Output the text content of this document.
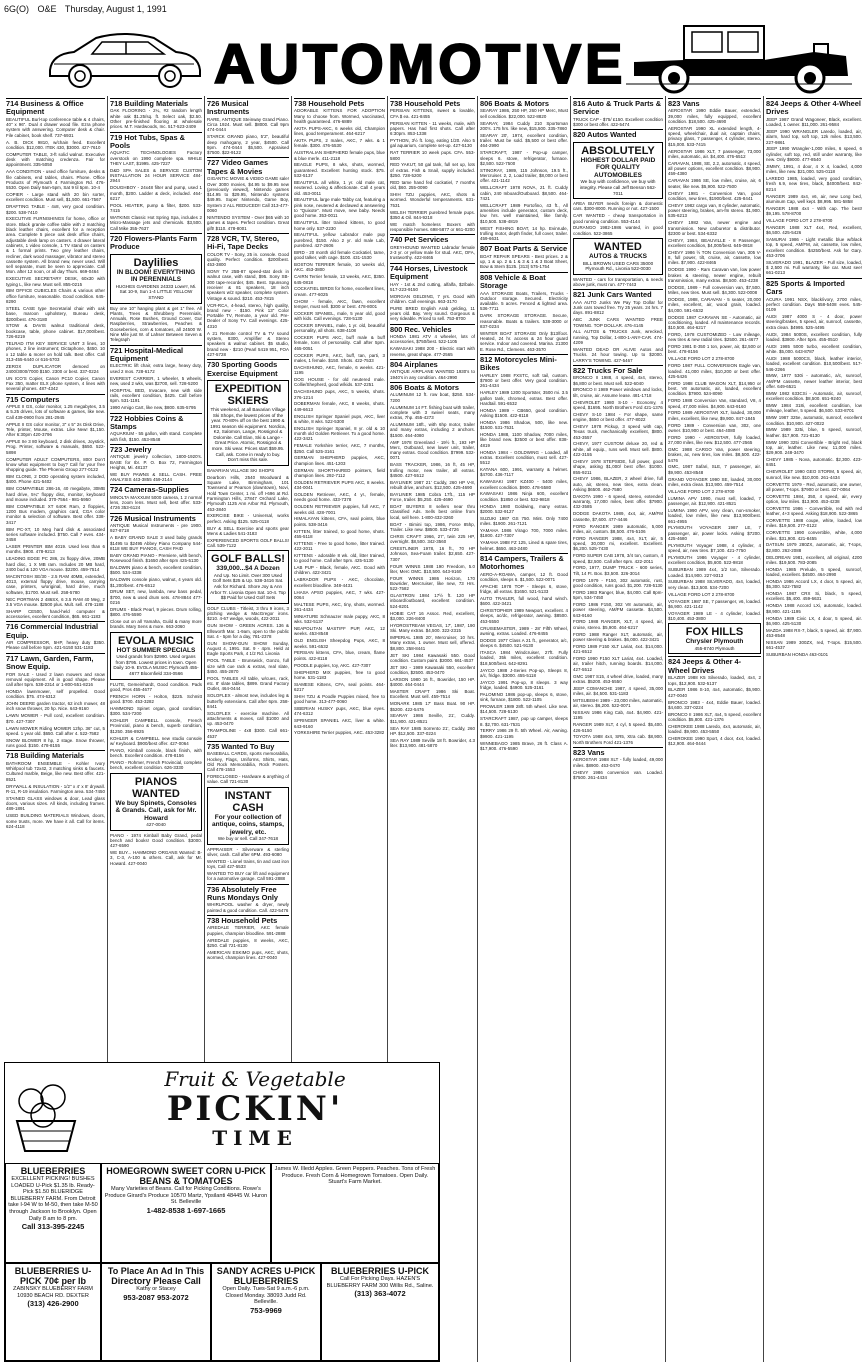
6G(O) O&E Thursday, August 1, 1991
AUTOMOTIVE
714 Business & Office Equipment
BEAUTIFUL Burl-top conference table & 4 chairs, 40" x 96". Dual 4 drawer wood file. Ezra phone system with answering. Computer desk & chair. File cabinet, book shelf. 737-6931
A. B. DICK 9810, w/chain feed. Excellent condition. $12,000. ITEK 430, $3000. 427-7610
COMPUTER TABLE, 3-ft solid walnut. Executive desk with matching credenza. Fair for appointment. 335-5050
AAA CONDITION - used office furniture, desks & file cabinets, end tables, chairs. Phone. Office Products of Plymouth 4 Farmington Rd. 476-5530. Open Daily 9am-5pm, Sat 9 til 5pm. 10-4
COPIER - Large stand with 20 bin sorter, excellent condition. Must sell, $1,500. 661-7567
DRAFTING TABLE - 4x8, very good condition. $200. 538-7410
EXECUTIVE FURNISHINGS for home, office or store. Black granite coffee table with 2 matching black leather chairs, excellent for a reception area. Complete 5 piece oak desk office chairs, adjustable desk lamp on casters. 4 drawer lateral cabinets, 1 video console, 1 TV stand on casters & 1 formal prints. Two grey leather chairs, recliner, dark wood massager, vibrator and stereo cassette system. All brand new, never used. Will sell separate, must be seen to appreciate. Call Mon. after 12 noon, or all day Thurs. 669-0464
EXECUTIVE SECRETARY DESK, 60x30 with typing L, like new. Must sell. 855-0215
IBM OFFICE CUBICLES Chairs & various other office furniture, reasonable. Good condition. 645-8290
STEEL CASE type Secretarial chair with oak base, maroon upholstery, Bureau desk, $200/best. 476-3180
STOW & DAVIS walnut traditional desk, bookcase, table, phone cabinet. $17,000/best. 726-8219
TELRAD ITM KEY SERVICE UNIT 3 lines, 10 phones, 2 line instrument; Dictaphone, $450. 10 x 12 table & more! on hold talk. Best offer. Call 313-455-6440 or 616-5703
ZEROX DUPLICATOR demoed on 2400/3000/7000 $150. 2300 or best. 337-0224
UN ICO'S Copier, Canon PC10 Copier, Canon Fax 350, matter ELX phone system, 4 lines with several phones. 487-4342
715 Computers
APPLE II GS, color monitor, 1.25 megabytes, 3.5 & 5.25 drives, lots of software & games, like new. Call 439-0900 from 281-2945
APPLE II GS color monitor, 3" x 5" 2s Disk Drive, Tele, printer, Mouse, extras. Like New! $1,150. After 6:30pm 420-3796
APPLE IIe 3 80 keyboard, 2 disk drives, Joystick, Prog. Printer, software & manuals, $650. 522-5898
COMPUTER ADULT COMPUTERS, 800! Don't know what equipment to buy? Call for your free shopping guide. The Phoenix Group 277-0122
IBM CLONE, 2 DOD operating system included, $400. Phone 421-5402
IBM COMPATIBLE 286-16, 40 megabyte, 30MB hard drive, 5¼" floppy disc, monitor, keyboard and mouse included. 370-7564 - 981-5950
IBM COMPATIBLE XT 640K Ram, 2 floppies, 1200 Bus modem, graphics card, CGA color monitor & selection of software. Best offer. 338-3417
IBM PC-XT, 10 Meg hard disk & associated series software included. $750. Call 7 eves. 434-3458
LASER PRINTER IBM 4019. Used less than 6 months. $900. 478-9213
LEADING EDGE PC 286, 2x floppy drive, 20MB hard disc, 1 X MB ram. Includes 20 MB hard, 2400 bud & 120 VGA mouse. $2200. 459-7514
MACINTOSH SE/30 - 2.5 RAM 40MB, extended, 4013, external floppy drive, mouse, carrying case, printers, w/original, hard drive, much software, $1700. Must sell. 258-5780
NEC PORTMAN 2 486SX, 6 3.5 RAM 40 Meg, 2 3.5 VGA mouse. $2500 plus. Mult. sell. 478-1188
SHARP CE500, hand-held computer & accessories, excellent condition, $65. 661-1183
716 Commercial Industrial Equip.
AIR COMPRESSOR, 5HP, heavy duty $350. Please call before 5pm. 421-5150 531-1183
717 Lawn, Garden, Farm, Snow Equip.
FOR SALE - Used 2 lawn mowers and snow removal equipment. All in good shape. Please call after 5pm. 538-2314 or 1-800-551-8216
HONDA lawnmower, self propelled. Good condition. $75. 474-6312
JOHN DEERE garden tractor, 62 inch mower, 48 inch snow thrower, 20 hp. Nice. 643-9160
LAWN MOWER - Pull cord, excellent condition. $70. 427-7307
LAWN MOWER Riding MOWER 12hp. 36" cut, 5 speed. 1 year old. $650. Call after 4. 522-7582
SNOW BLOWER 8 hp, 2 stage. Snow thrower, runs good. $150. 478-8155
718 Building Materials
BATHROOM ENSEMBLE - Kohler Ivory Whirlpool tub 72x42, 3 matching sinks & faucets. Cultured marble, Beige, like new. Best offer. 421-8521
DRYWALL & INSULATION - 1/2" x 4' x 8' drywall. R-11, R-19 insulation. Farmington area. 534-7450
STAINED GLASS windows & door, Lead glass doors, various sizes. All kinds, including frames. 489-1891
USED BUILDING MATERIALS Windows, doors, some trusts, more. We have it all. Call for items. 624-4118
718 Building Materials
OAK FLOORING - 2¼, #2 random length white oak $1.25/sq. ft. Select oak, $2.50. Other pre-finished flooring at wholesale prices. M.T. Hardwoods, Inc. 517-523-2409
719 Hot Tubs, Spas & Pools
AQUATIC TECHNOLOGIES Factory overstock on 1990 complete spa. WHILE THEY LAST, $1995. 425-7227
D&D SPA SALES & SERVICE CUSTOM INSTALLATION 24 HOUR SERVICE 484-2944
DOUGHBOY - 24x48 filter and pump, used 1 month, $200. Ladder & deck, included. 464-6217
POOL HEATER, pump & filter, $200. 533-7415
WATKINS Classic Hot Spring Spa, includes 2 Micro-Massage jets and chemicals. $3,500. Call Mike 355-7637
720 Flowers-Plants Farm Produce
Daylilies
IN BLOOM! EVERYTHING IN PERENNIALS
HUGHES GARDENS 24333 Lowe'r, Mi. Sat 10-9, Sun 1-4 LITTLE YELLOW STAND
Buy one 10" hanging plant & get 1" free. All Plants, Trees & Shrubbery Perennials, Annuals, Rose Bushes, Ground Cover, Gur Raspberries, Strawberries, Peaches & Gooseberries, corn & tomatoes, all 24500 W. Nine Mile just W. of Lahser Between Seven & Telegraph
721 Hospital-Medical Equipment
ELECTRIC lift chair, extra large, heavy duty, used 2 mos. 728-6172
EVEREST CARRIER, 1 wheeler, 5 wheels, new, used 2 wks, was $2700, sell. 728-5200
HOSPITAL BED, Invacare, new with side rails, excellent condition, $425. Call before 6pm. 531-1191
1990 Amigo Cart, like new, $800. 635-5795
722 Hobbies Coins & Stamps
AQUARIUM - 55 gallon, with stand. Complete with fish, $150. 453-8548
723 Jewelry
ANTIQUE jewelry collection, 1800-1920's. BASE for Ibr. P. O. Box 72, Farmington Heights, Mi. 48137
WE BUY PAWNS & SELL CASH. FREE ANALYSIS 443-3855 459-2144
724 Cameras-Supplies
MINOLTA MAXXUM 5000 camera, 1 2 normal lens, zoom lens. Must sell, best offer. 533-4726 353-6124
726 Musical Instruments
ANTIQUE Musical Instruments - pre 1900. 927-8718
A BABY GRAND SALE 3 used baby grands $1495 to $2495 Abbey Piano Company 544-8118 WE BUY PIANOS, CASH PAID
BABY GRAND PIANO - Premiere, with bench, Rosewood finish. $1650 after 6pm 425-5130
BALDWIN piano & bench, excellent condition, $500. 534-4338
BALDWIN console piano, walnut, 4 years old. $1,200/best. 476-6512
DRUM SET, new, lambda, new bass pedal, $700, new & used drum sets. 478-8844 477-0216
DRUMS - Black Pearl, 9 pieces. Drum rolling, $800. 476-5590
Close out on all Yamaha, Guild & many more brands. Mary Sens & more. 663-2060
EVOLA MUSIC
HOT SUMMER SPECIALS
Used grands from $2990. Used organs from $795. Lowest prices in town. Open Daily 10-9. EVOLA MUSIC Plymouth 455-4677 Bloomfield 334-0566
FLUTE, Gemeinhardt, Good condition. Pads good, Pros 455-4677
FRENCH HORN - Holton, $225. Schmitt good. $700. 453-3282
HAMMOND Spinet organ, good condition, $300. 534-7200
KOHLER CAMPBELL console, French Provincial, piano & bench, superb condition, $1250. 356-8925
KOHLER & CAMPBELL new studio console w/ Keyboard. $900/best offer. 427-0064
PIANO, Kimball console, black finish, with bench. Excellent condition. 478-8156
PIANO - Rohmer, French Provincial, complete bench, excellent condition. 626-3330
PIANOS WANTED
We buy Spinets, Consoles & Grands. Call, ask for Mr. Howard
427-0040
PIANO - 1974 Kimball Baby Grand, pedal bench and books! Good condition. $3000. 427-6590
WE BUY... HAMMOND ORGANS Wanted: B-3, C-3, A-100 & others. Call, ask for Mr. Howard. 427-0040
726 Musical Instruments
RARE, ANTIQUE Steinway Grand Piano. Circa 1924. Must sell. $8000. Call 9pm 474-0444
STARCK GRAND piano, 5'2", beautiful deep mahogany, 2 year, $4500. Call 9pm. 474-0444 $5,500. Appraised $7500. $22-9122
727 Video Games Tapes & Movies
GIGANTIC MOVIE & VIDEO GAME sale! Over 3000 movies, $4.95 to $9.95 new (previously viewed), Nintendo games $14.95 to $29.95, Nintendo systems $49.95. Super Nintendo, Game Boy, System 2 ALL REDUCED!! Call 313-477-0060
NINTENDO SYSTEM - Over $65 with 10 games & tapes. Perfect condition. Great gift! $110. 478-8001
728 VCR, TV, Stereo, Hi-Fi, Tape Decks
COLOR TV - Sony, 25 in. console. Good quality. Perfect condition. $200/best. 453-3800
SONY TV 25B-87 speed-stat deck in walnut case, with stand, $95. Sony SB-300 tape-recorder, $45. Best. Spunsong receiver & 81 speakers, 18 inch speakers w/2 speaker, complete system. Vintage & sound. $210. 453-7815
VCR-RCA, 4-head, stereo, high quality, brand new - $150. Pink 13" Color Portable TV, Remote, a year old. Pre-Dealer of Sony TV. Call evenings. 425-4310
A 21 Remote control TV & TV sound system, 8300, Amplifier & Stereo speakers & walnut cabinet. $5 studio, brand new - $210 (Pearl 5419 951, FOA 427-5728
730 Sporting Goods Exercise Equipment
EXPEDITION SKIERS
This weekend, at all Bavarian Village Ski Shops, the lowest prices of the year. 70-80% off on the best 1990 & 1991 season ski equipment. Nordica, K2, Salomon, Lange, Rossignol & Dolomite. Call Elan, Ski & Lange - Great Price. Atomic, Rossignol & more. Ski wear. Prices start $59.95. Call, ask. Come in ready to buy. Don't miss this sale.
BAVARIAN VILLAGE SKI SHOPS
Dearborn Hills, 2540 Woodward & Square Lake, Birmingham, 101 Townsend or Pearson (downtown), Novi, Hold Town Center, 1 mi. off I-696 at Rd. Farmington Hills, 27847 Orchard Lake, Plymouth 1125 Ann Arbor Rd. Plymouth, 453-3840
EXERCISE BIKE - Universal, works perfect. Asking $125. 525-0118
BUY & SELL Exercise and sports gear Mens & Ladies 541-3183
EXPERIENCED SPORTS GOLF BALLS! Call. 539-7122
GOLF BALLS!
339,000...$4 A Dozen
And Up. No Limit. Over 300 Used Golf Sets $25 & Up. 538-3416 Sat. Ask for Richard. Shore Joy & Ann Arbor Tr. Livonia Open Sat. 10-4. Top $$ Paid for Used Golf Sets
GOLF CLUBS - Titleist, 3 thru 9 irons, 3 pitching wedge & MacGregor irons. $210. 4-67 wedge, woods, 422-2011
GUN SHOW - GREEN ACRES. 136 & Ellsworth Mar. 1-9am, open to the public Sat. 4 - 5pm for a day, 781-2378
GUN SHOW-GUN SHOW Sunday, August 4, 1991. Sat. 9 - 4pm. Held at Eagle Sports Park, 4 1/2 Rd. Livonia
POOL TABLE - Brunswick, Gonzo, full size with cue rack & extras, real slate, $450. 455-2870
POOL TABLES All table, w/cues, rack, etc. 8' slate tables, $899. Grand Factory Outlet, 464-0444
SOLOFLEX - almost new, includes leg & butterfly extensions. Call after 6pm. 258-8441
SOLOFLEX - exercise machine. All attachments & moves, call $1000 and up. 453-0470
TRAMPOLINE - 4x8 $300. Call 661-4537
735 Wanted To Buy
BASEBALL CARDS, sports memorabilia, Hockey, Flags, Uniforms, Shirts, Hats, Old Rock Memorabilia, Rock Posters. Call 478-1553
FORECLOSED - Hardware & anything of value. Call 721-8130
INSTANT CASH
For your collection of antique, coins, stamps, jewelry, etc.
We buy or sell. Call 347-7618
APPRAISER - Silverware & sterling silver, cash. Call after 6PM. 493-6080
WANTED - Lionel trains, tin and cast iron toys, Call 427-5533
WANTED TO BUY car lift and equipment for a automotive garage. Call 591-2888
736 Absolutely Free Runs Mondays Only
WHIRLPOOL washer & dryer, newly painted & good condition. Call. 422-5476
738 Household Pets
AIREDALE TERRIER, AKC female puppies, champion bloodline. 591-2888
AIREDALE puppies, 8 weeks, AKC, $250. Call 721-8130
AMERICAN ESKIMO pups, AKC, shots, wormed, champion lines. 427-0040
738 Household Pets
ADORABLE KITTENS FOR ADOPTION Many to choose from. Wormed, vaccinated, health guaranteed. 476-6889
AKITA PUPS-AKC, 6 weeks old, Champion lines, good temperament. 464-6217
AKITA PUPS, 2 males, AKC, 7 wks. & 1 female. $300. 476-5530
AUSTRALIAN SHEPHERD female pups, blue & blue merle. 411-2118
BEAGLE PUPS, 8 wks, shots, wormed, guaranteed. Excellent hunting stock. $75. 532-5137
BEAUTIFUL all white, 1 yr. old male cat, neutered. Loving & affectionate. Call 4 years old. 453-0011
BEAUTIFUL large male Tabby cat, featuring a pink nose, neutered & declawed & answering to "Quixote". Must move, new baby. Needs good home. 353-0011
BEAUTIFUL litter trained kittens, to good home only. 537-2230
BEAUTIFUL yellow Labrador male pup purebred, $150. Also 2 yr. old male Lab, purebred. 427-2606
BIRD - 20 month old female Cockatiel, tame, good talker, with cage. $100. 431-1530
BOSTON TERRIER female, 10 weeks old, AKC. 453-3800
CAIRN Terrier female, 13 weeks, AKC, $350. 645-0818
COCKATIEL BIRDS for home, excellent lines, cream. 477-6025
CHOW - female, AKC, fawn, excellent temper, must sell. $200 or best. 478-8001
COCKER SPANIEL, male, 5 year old, good with kids. Call evenings. 728-5130
COCKER SPANIEL, male, 1 yr. old, beautiful personality, all shots. 638-4108
COCKER PUPS AKC, buff male & buff female, tons of personality. Call after 5pm. 465-0051
COCKER PUPS, AKC, buff, tan, parti, 3 males, 1 female. $150. Shots. 422-7533
DACHSHUND, AKC, female, 6 weeks. 421-1195
DOG HOUSE - for old neutered male. Collie/Shepherd, good w/kids. 537-2251
DACHSHUND pups, AKC, 5 weeks, shots. 276-1214
DOBERMAN female, AKC, 8 weeks, shots. 449-6613
ENGLISH Springer Spaniel pups, AKC, liver & white, 8 wks. 522-5300
ENGLISH Springer Spaniel, 8 yr. old & 10 month old Golden Retriever. To a good home. 422-3421
FEMALE Yorkshire terrier, AKC, 7 months, $250. Call 525-3161
GERMAN SHEPHERD puppies, AKC, champion lines. 451-1203
GERMAN SHORTHAIRED pointers, field champion lines. 292-7112
GOLDEN RETRIEVER PUPS AKC, 8 weeks. 434-0041
GOLDEN Retriever, AKC, 4 yr., female, needs good home. 433-7378
GOLDEN RETRIEVER puppies, full AKC, 7 weeks old. 428-7001
HIMALAYAN kittens, CFA, seal points, blue points. 538-3416
KITTEN, litter trained, to good home, shots. 455-5118
KITTENS - Free to good home, litter trained. 422-2011
KITTENS - adorable 8 wk. old, litter trained, to good home. Call after 5pm. 425-5130
LAB PUP - Black, female, AKC. Good with children. 422-3421
LABRADOR PUPS - AKC, chocolate, excellent bloodline. 348-4431
LHASA APSO puppies, AKC, 7 wks. 427-0064
MALTESE PUPS, AKC, tiny, shots, wormed. 261-4434
MINIATURE Schnauzer male puppy, AKC, 8 wks. 532-5137
NEAPOLITAN MASTIFF PUP, AKC, 12 weeks. 453-8548
OLD ENGLISH Sheepdog Pups, AKC, 8 weeks. 591-6532
PERSIAN kittens, CFA, blue, cream, flame points. 422-8118
POODLE puppies, toy, AKC. 427-7307
SHEPHERD MIX puppies, free to good home. 531-1183
SIAMESE Kittens, CFA, seal points. 464-6217
SHIH TZU & Poodle Puppies mixed, free to good home. 313-477-0060
SIBERIAN HUSKY pups, AKC, blue eyes. 474-6312
SPRINGER SPANIEL AKC, liver & white. 643-9160
YORKSHIRE Terrier puppies, AKC. 453-3282
738 Household Pets
PERSIAN KITTENS, sweet & lovable, CFA $ ea. 421-8455
PERSIAN KITTEN - 11 weeks, male, with papers. Has had first shots. Call after 6:30pm. 853-1338
PYTHON, 3½ ft. long, eating 1/20. Also 5 gal aquarium, complete set-up. 427-5130
RAT TERRIER 10 week pups. CFA. 553-5800
RED YAKUT, 50 gal tank, full set up, lots of extras. Fish & Snail, supply included. $250. 728-5200
RED tame hand fed cockatiel, 7 months old, $60. 255-0090
SHIH TZU puppies, AKC, shots & wormed. Wonderful temperaments. 631-7531
WELSH TERRIER purebred female pups. $350 & Oil. 844-9218
WE match homeless Boxers with responsible homes. 698-5877 or 661-0200
740 Pet Services
GREYHOUND WANTED Labrador female 2-3 yr. or yellow male for stud. AKC, OFA, trustworthy. 422-8465
744 Horses, Livestock Equipment
HAY - 1st & 2nd cutting, alfalfa, $2/bale. 517-223-9150
MORGAN GELDING, 7 yrs. Good with children. Call evenings. 663-3170
PURE BRED English Arab gelding, 11 years old. Bay. Very sound. Gorgeous & very rideable. Priced to sell. 753-8700
800 Rec. Vehicles
HONDA 1981 ATV 4 wheeler, lots of accessories, $750/best. 522-1105
KAWASAKI 1988 200 - Electric start with reverse, great shape. 477-2565
804 Airplanes
ANTIQUE AIRPLANE WANTED 1930's to 1940's in any condition. 464-2990
806 Boats & Motors
ALUMINUM 12 ft. row boat, $250. 534-7200
ALUMINUM 14 FT. fishing boat with trailer, complete with 3 swivel seats, many extras, 7hp. 455-4273
ALUMINUM 18ft., with 6hp motor, trailer and many extras, including 2 anchors. $1500. 464-4080
AMF 1978 Greenland - 19½ ft., 193 HP Merc, Outboard, new lower unit, trailer, many extras. Good condition. $7999. 532-0071
BASS TRACKER, 1986, 16 ft, 45 HP, trolling motor, new trailer, all extras. $4500. 427-5512
BAYLINER 1987 21' Cuddy, 260 HP V-8, rebuilt drive, anchors. $12,500. 425-4690
BAYLINER 1985 Cobra 17ft., 115 HP Force, trailer. $5,250. 425-4690
BOAT BUYERS 8 sellers near thru Classified Ads. Sells best online from local, sell here. 1-800-432-3260
BOAT - Bimini top, 1986, Force 85hp, Trailer. Like new. $8500. 533-4726
CHRIS CRAFT 1966, 27', twin 225 HP, overnight. $8,500. 342-3560
CRESTLINER 1978, 16 ft., 70 HP Johnson, Sea-Foam trailer. $2,650. 427-7307
FOUR WINNS 1988 190 Freedom, 5.0 liter, Merc OMC. $10,500. 643-9160
FOUR WINNS 1986 Horizon, 170 Bowrider, Mercruiser, like new, 73 Hrs. 522-7582
GLASTRON 1984 17½ ft. 120 HP inboard/outboard, excellent condition. 524-8201
HOBIE CAT 16 Assoc. Red, excellent, $3,000. 226-8400
HYDROSTREAM VEGAS, 17', 1987, 190 Ski. Many extras. $4,500. 322-2315
IMPERIAL 1985 20', Mercruiser, 10 hrs. Many extras, 1 owner. Must sell, offered. $8,800. 258-8441
JET SKI 1984 Kawasaki 550. Good condition. Custom paint. $2000. 661-4537
JET SKI - 1989 Kawasaki 550, excellent condition, $2500. 453-0470
LARSON 1980 16 ft., Bowrider, 150 HP. $4000. 464-0444
MASTER CRAFT 1986 Ski Boat. Excellent. Must sell. 459-7514
MONARK 1985 17' Bass Boat. 90 HP. $5200. 422-5476
SEARAY 1986 Seville, 21', Cuddy. $11,900. 421-8521
SEA RAY 1985 Sorrento 21', Cuddy, 260 HP. $12,500. 337-0224
SEA RAY 1989 Seville 18 ft. Bowrider, 4.3 liter. $13,900. 481-5870
806 Boats & Motors
SEARAY 1986, 250 HP, 260 HP Merc, Must sell condition. $22,000. 522-8820
SEARAY, 1984 Cuddy 210 Sportsman 200's. 175 hrs. like new, $15,500. 335-7860
SEARAY 20', 1974, excellent condition, trailer. Must be sold. $5,500 or best offer. 464-2990
STARCRAFT, 1987 - Pop-up camper, sleeps 6. stove, refrigerator, furnace. $2,500. 522-7500
STINGRAY, 1989, 115 Johnson, 19.5 ft., Mercruiser. 2, 2, Load trailer, $8,000 or best offer. 421-1142
WELLCRAFT 1978 NOVA, 21 ft. Cuddy cabin, 240 Inboard/Outboard. $8,500. 464-7421
WELLCRAFT 1989 Portofino, 43 ft., All amenities include generator, custom deck, low hrs. well maintained, like family. $10,500. 538-4819
WEST FISHING BOAT, 14 hp. Evinrude, trolling motor, depth finder, full cover, trailer. 459-6631
807 Boat Parts & Service
BOAT REPAIR SPEARS - Best prices. 2 & up, 1 & up. 2 & 1 & 3 & 1 & 3 Boat Sheet, Bow & Stern $125. (313) 575-1754
808 Vehicle & Boat Storage
AAA STORAGE Boats, Trailers, Trucks - Outdoor storage. Secured. Electricity available. 5 acres. Fenced & lighted area. 536-7711
DARK STORAGE STORAGE. Secure, reasonable. Boats & trailers. 538-3000 or 837-0234
WINTER BOAT STORAGE Only $13/foot. Heated, 24 hr. access & 24 hour guard service. Indoor and covered. Marina. 21300 E. Rose Rd., Clemens. 463-3570
812 Motorcycles Mini-Bikes
HARLEY 1988 FXSTC, soft tail, custom. $7800 or best offer. Very good condition. 261-4434
HARLEY 1989 1200 Sportster, 3500 mi. 3.5 gallon tank, chromed, extras. Best offer. Hardtail. 591-6532
HONDA 1989 - CB650, good condition. Asking $1500. 422-8118
HONDA 1986 Shadow, 500, like new. $1500. 531-7531
HONDA 1988, 1100 Shadow, 7000 miles, like brand new. $2500 or best offer. 838-4819
HONDA 1984 - GOLDWING - Loaded, all extras. Excellent condition, must sell. 427-5512
KATANA 600, 1991, warranty & helmet. $4700. 436-7117
KAWASAKI 1987 KZ400 - 5400 miles, excellent condition. $900. 478-5580
KAWASAKI 1986 Ninja 600, excellent condition. $1850 or best. 522-9818
HONDA 1980 Goldwing, many extras. $2000. 532-9127
SUZUKI 1987 GS 750. Mint. Only 7400 miles. $1900. 261-7121
YAMAHA 1986 Virago 700, 7000 miles. $1800. 427-7307
YAMAHA 1988 FZ 125, Lined & spare tires, helmet. $650. 463-2480
814 Campers, Trailers & Motorhomes
AERO-A-ROAMA, camper, 12 ft. Good condition, sleeps 6. $1,500. 522-0071
APACHE 1978 TOP - Sleeps 6, stove, fridge, all extras. $1650. 521-5133
AUTO TRAILER, full wood, hand winch. $600. 422-3421
CHRISTOPHER 1989 Newport, excellent. 4 sleeps, ac/dc, refrigerator, awning. $8500. 453-5550
CRUISEMASTER, 1989 - 28' Fifth Wheel, awning, extras. Loaded. 476-8455
DODGE 1977 Class A 21 ft., generator, a/c, sleeps 6. $4500. 521-9130
ITASCA 1984 Windcruiser, 27ft. Fully loaded, 35k miles, excellent condition. $18,500/best. 642-8291
JAYCO 1988 J-Series Pop-up, Sleeps 8, a/c, fridge. $3000. 455-5118
JAYCO 1991 Pop-up, 8 sleeps. 3 way fridge, loaded. $4900. 525-3161
PALOMINO 1986 pop-up, sleeps 6, stove, sink, furnace, $1800. 522-1105
PROWLER 1989 28ft. 5th wheel. Like new. $14,500. 728-5130
STARCRAFT 1987, pop up camper, sleeps 8. $2,700. 631-7531
TERRY 1986 29 ft. 5th Wheel. Air, Awning. $9900. 421-1195
WINNEBAGO 1985 Brave, 26 ft. Class A. $17,900. 476-5590
816 Auto & Truck Parts & Service
TRUCK CAP - $75/ £150. Excellent condition $300 or best offer. 422-5474
820 Autos Wanted
ABSOLUTELY
HIGHEST DOLLAR PAID FOR QUALITY AUTOMOBILES
We buy with confidence, we buy with integrity. Please call Jeff Benson 562-7011
AREA BUYER needs foreign & domestic cars. $300-8000. Running or not. 427-1500
CAR WANTED - cheap transportation in good running condition. 553-4144
DURANGO 1982-1986 wanted, in good condition. 522-3865
WANTED
AUTOS & TRUCKS
BILL BROWN USED CARS 35000 Plymouth Rd., Livonia 522-0030
WANTED - cars for transportation, & needs above junk, must run. 477-7443
821 Junk Cars Wanted
AAA AUTO Junks We Pay Top Dollar for Junk cars towed free. Try 25 years. 24 hrs. 7 days. 891-8812
ABC JUNK CARS WANTED FREE TOWING. TOP DOLLAR. 476-4145
ALL AUTOS & TRUCKS Junk, wrecked, running, Top Dollar, 1-800-1-ANY-CAR. 474-4209
WANTED DEAD OR ALIVE Autos and Trucks. 24 hour towing. Up to $2000. LARRY'S TOWING. 427-5467
822 Trucks For Sale
BRONCO II 1988, 4 speed, 4x4, stereo, $6,800 or best. Must sell. 522-6040
BRONCO II 1989 Power windows and locks, tilt, cruise, air. Assume lease. 481-1718
CHEVROLET 1980 S-10 - Economy, 4 speed, $1695. North Brothers Ford 421-1376
CHEVY S-10 1984 - For shape, same engine, $650 or best offer. 477-8022
CHEVY 1978 Pickup, 3 speed with cap, Texas truck, mechanically excellent, $800. 453-3557
CHEVY, 1977 CUSTOM deluxe 20, red & white, all equip., runs well. Must sell. $800. 422-3155
CHEVY 1978 STEPSIDE, full power, good shape, asking $1,000/ best offer. $1000. 855-9211
CHEVY 1986, BLAZER, 2 wheel drive, full auto, air, stereo, new tires, extra clean. Asking $6500. 462-7580
DAKOTA 1990 - 6 speed, stereo, extended warranty, 17,000 miles, best offer. $7900. 432-3585
DODGE DAKOTA 1989, 4x4, air, AM/FM cassette, $7,600. 477-4446
FORD RANGER 1989 automatic, 5,000 miles, air, custom. $8,500. 476-5106
FORD RANGER 1988, 4x4, XLT, air, 5 speed, 30,000 mi, excellent. Excellent. $6,200. 525-7430
FORD SUPER CAB 1978, 3/4 ton, custom, 4 speed, $2,500. Call after 6pm. 422-2011
FORD, 1977, DUMP TRUCK - 600 series, Tilt, 14 Ft. Box. $3,500. 326-3014
FORD 1979 - F150, 302 automatic, rust, good condition, runs good. $1,200. 728-5130
FORD 1983 Ranger, blue, $4,000. Call 8pm-5pm, 534-7450
FORD 1986 F150, 302 V8 automatic, air, power steering, AM/FM cassette. $4,500. 643-9160
FORD 1988 RANGER, XLT, 4 speed, air, cruise, stereo. $5,900. 464-6217
FORD 1988 Ranger XLT, automatic, air, power steering & brakes. $6,000. 422-3421
FORD 1989 F150 XLT Lariat, 4x4. $14,000. 421-6512
FORD 1990 F150 XLT Lariat, 4x4. Loaded, air, trailer hitch, running boards. $14,000. 427-5512
GMC 1987 S15, 4 wheel drive, loaded, many extras. $5200. 453-5550
JEEP COMANCHE 1987, 4 speed, 35,000 miles, air. $4,500. 531-1183
MITSUBISHI 1989 - 23,000 miles, automatic, air, stereo. $6,200. 522-0071
NISSAN 1986 King Cab, 4x4. $4,900. 421-1195
RANGER 1989 XLT, 4 cyl, 5 speed. $5,400. 426-5150
TOYOTA 1988 4x4, SR5, Xtra cab. $8,900. North Brothers Ford 421-1376
823 Vans
AEROSTAR 1988 XLT - fully loaded, 49,000 miles. $8900. 453-0470
CHEVY 1986 conversion van. Loaded. $7500. 261-4434
823 Vans
AEROSTAR 1990 Eddie Bauer, extended, 39,000 miles, fully equipped, excellent condition. $18,500. 425-4690
AEROSTAR 1990 XL extended length, 4-speed, wheelchair, dual air, captain chairs, privacy glass, 7 passenger, 4 cylinder, stereo, $15,000. 533-7415
AEROSTAR 1986 XLT, 7 passenger, 73,000 miles, automatic, air. $4,400. 476-6512
CARAVAN, 1988, SE, 2.2, automatic, 4 speed, all power options, excellent condition. $8,900. 459-4380
CARAVAN 1986 SE, low miles, cruise, air, 6 seater, like new. $5,900. 522-7500
CHEVY 1981 - Conversion Van, good condition, new tires, $1900/best. 425-8441
CHEVY 1982 cargo van, 8 cylinder, automatic, power steering, brakes, am-fm stereo. $1,900. 535-6213
CHEVY 1982 Van, newer engine and transmission. New carburetor & distributor. $2300 or best. 534-6332
CHEVY, 1984, BEAUVILLE - 8 Passenger, excellent condition, $4,000/best. 645-0818
CHEVY 1986 ½ TON Conversion Van, 305 V-8, full power, tilt, cruise, air, cassette, low miles. $7,900. 422-8465
DODGE 1990 - Ram Caravan van, low power brakes & steering, newer engine, rebuilt transmission, many extras. $8,500. 453-4238
DODGE, 1989 - Full conversion van, $7,500. Miles, new tires. Must sell. $4,300. 522-0008
DODGE, 1988, CARAVAN - 5 seater, 20,000 miles, excellent, air, wood grain, loaded. $4,000. 591-6532
DODGE 1987 CARAVAN SE - Automatic, air conditioning, loaded. All maintenance records. $10,500. 464-6217
FORD, 1978 CUSTOMIZED - Low mileage, new tires & new radial tires. $2500. 261-4677
FORD 1981 E-350 1 ton, power, air, $2,500 or best. 478-8156
VILLAGE FORD LOT 2 278-8700
FORD 1987 FULL CONVERSION Eagle van, loaded. 41,000 miles, $10,200 or best offer. 425-5426
FORD 1988 CLUB WAGON XLT, $14,950 or best. V8 automatic, air, loaded, excellent condition. $7900. 524-8090
FORD 1988 Conversion Van, standard, V8, 4 speed, 47,000 miles. $4,900. 643-9160
FORD 1989 AEROSTAR XLT, loaded, 30,000 miles, excellent, like new, $9,900. 847-1845
FORD 1989 - Conversion van, 302, one owner. $10,900 or best. 464-4080
FORD 1990 - AEROSTAR, fully loaded, 27,000 miles, like new. $12,500. 477-2565
GMC 1988 CARGO Van, power steering, brakes, ac, new tires, low miles. $8,500. 422-5476
GMC, 1987 Safari, SLE, 7 passenger, air. $9,900. 453-8548
GRAND VOYAGER 1990 SE, loaded, 30,000 miles, extra clean. $13,900. 459-7514
VILLAGE FORD LOT 2 278-8700
LUMINA APV 1990, must sell, loaded, 7 passenger, air. $12,900. 421-8521
LUMINA 1990 APV, very clean, non-smoker, loaded, low miles, like new. $13,900/best. 661-4955
PLYMOUTH VOYAGER 1987 LE, 7 passenger, air, power locks. Asking $7200. 425-4680
PLYMOUTH Voyager 1988, 4 cylinder, 4 speed, air, new tires. $7,100. 421-7750
PLYMOUTH 1986 Voyager - 4 cylinder, excellent condition, $5,600. 522-9818
SUBURBAN 1989 4x4, 1/2 ton, Silverado. Loaded. $14,900. 227-9313
SUBURBAN 1988 SILVERADO, 4x4, loaded, very clean. $13,500. 534-7200
VILLAGE FORD LOT 2 278-8700
VOYAGER 1987 SE, 7 passenger, v6, loaded. $6,900. 421-1142
VOYAGER 1989 LE - 4 cylinder, loaded. $10,400. 453-3800
FOX HILLS
Chrysler Plymouth
455-8740 Plymouth
824 Jeeps & Other 4-Wheel Drives
BLAZER 1988 K5 Silverado, loaded, 4x4, 2 tops, $12,900. 532-5137
BLAZER 1986 S-10, 4x4, automatic, $5,900. 427-0040
BRONCO 1983 - 4x4, Eddie Bauer, loaded. $4,600. 337-0224
BRONCO II 1986 XLT, 4x4, 5 speed, excellent condition. $5,800. 421-1376
CHEROKEE 1988 Laredo, 4x4, automatic, air, loaded. $9,900. 453-5550
CHEROKEE 1990 Sport, 4 door, 4x4, loaded. $12,900. 464-0444
824 Jeeps & Other 4-Wheel Drives
JEEP 1987 Grand Wagoneer, Black, excellent. Loaded, 1 owner. $11,000. 261-9584
JEEP 1990 WRANGLER Laredo, loaded, air, alarm, hard top, soft top, 12k miles. $13,500. 227-9861
JEEP 1990 Wrangler-1,000 miles, 6 speed, 6 cylinder, soft top, red, still under warranty, like new. Only $9000. 477-8540
JIMMY, 1991, 4 door, 4 X 4, loaded, 4,000 miles, like new. $21,000. 525-0118
LAREDO 1985, loaded, very good condition, fresh 6.9, new tires, black, $4000/best. 842-8214
RANGER 1989 4x4, v6, air, new Long bed, aluminum Cap, well kept. $8,995. 581-5858
RANGER 1988 4x4 - With cap. The best! $9,195. 578-8700
VILLAGE FORD LOT 2 278-8700
RANGER 1988 XLT 4x4, Red, excellent, $6,500. 425-5426
SAMURAI 1986 - Light metallic blue w/black top, 5 speed, AM/FM, air, cassette, low miles, excellent condition. $4250/best. Ask for Gary. 453-3706
SILVERADO 1991, BLAZER - Full size, loaded, $ 2,500 mi. Full warranty, like car. Must see! 661-0213
825 Sports & Imported Cars
ACURA 1991 NSX, black/ivory, 2700 miles, perfect condition. Days 558-5408 eves. 545-0109
AUDI 1987 4000 S - 4 door, power steering/brakes, 5 speed, air, sunroof, cassette, extra clean. $4995. 525-4495
AUDI, 1984 5000S, excellent condition, fully loaded. $3800. After 5pm. 455-0510
AUDI 1985 5000 turbo, excellent condition, white. $5,000. 643-8787
AUDI 1988 5000CS, black, leather interior, loaded, excellent condition. $10,500/best. 517-546-2266
BMW, 1977 530i - automatic, a/c, sunroof, AM/FM cassette, newer leather interior, best offer. 649-6521
BMW 1982 633CSi - Automatic, air, sunroof, excellent condition. $8,500. 651-9240
BMW 1984 318i, excellent condition, low mileage, leather, 5 speed. $6,500. 533-8701
BMW 1987 325e, automatic, sunroof, excellent condition. $10,900. 427-0022
BMW 1989 325i, blue, 5 speed, sunroof, leather. $17,900. 721-8130
BMW 1990 325i Convertible - Bright red, black top, air, leather. Like new, 11,000 miles. $29,900. 248-3470
CHEVY 1985 - Nova, automatic. $2,300. 423-8451
CHEVROLET 1990 GEO STORM, 5 speed, air, sunroof, like new. $10,000. 261-4434
CORVETTE 1979 - Red, automatic, one owner, all power, T-tops. $7900 or best. 427-0064
CORVETTE 1984, 350, 4 speed, air, every option, low miles. $13,900. 453-4238
CORVETTE 1986 - Convertible, red with red leather, 4+3 speed. Asking $18,900. 522-3865
CORVETTE 1988 coupe, white, loaded, low miles. $19,500. 277-0122
CORVETTE 1990 convertible, white, 4,000 miles. $31,900. 421-8455
DATSUN 1979 280ZX, automatic, air, T-tops, $2,800. 262-2088
DELOREAN 1981, excellent, all original, 4200 miles. $19,500. 783-2085
HONDA 1985 Prelude, 5 speed, sunroof, loaded, excellent. $4500. 464-2990
HONDA 1986 Accord LX, 4 door, 5 speed, air, $5,300. 522-7582
HONDA 1987 CRX Si, black, 5 speed, excellent. $5,400. 459-6631
HONDA 1988 Accord LXi, automatic, loaded. $8,900. 421-1195
HONDA 1989 Civic LX, 4 door, 5 speed, air. $6,900. 425-5130
MAZDA 1988 RX-7, black, 5 speed, air. $7,900. 453-8548
NISSAN 1989 300ZX, red, T-tops. $15,500. 661-4537
SUBURBAN HONDA 463-0101
Fruit & Vegetable
PICKIN'
TIME
BLUEBERRIES
EXCELLENT PICKING! BUSHES LOADED U-Pick $1.35 lb. Ready-Pick $1.50 BLUERIDGE BLUEBERRY FARM. From Detroit take I-94 W to M-50, then take M-50 through Jackson to Brooklyn. Open Daily 8 am to 8 pm.
Call 313-395-2245
HOMEGROWN SWEET CORN U-PICK BEANS & TOMATOES
Many Varieties of Beans. Call for Picking Conditions. Rowe's Produce Girard's Produce 10570 Martz, Ypsilanti 48445 W. Huron St. Belleville
1-482-8538 1-697-1665
James W. Illedd Apples. Green Peppers. Peaches. Tons of Fresh Produce. Fresh Corn & Homegrown Tomatoes. Open Daily. Stuart's Farm Market.
To Place An Ad In This Directory Please Call
Kathy or Stacey
953-2087 953-2072
SANDY ACRES U-PICK BLUEBERRIES
Open Daily. Tues-Sat 9 a.m.-6 p.m. Closed Monday. 38093 Judd Rd. Belleville.
753-9969
BLUEBERRIES U-PICK
Call For Picking Days. HAZEN'S BLUEBERRY FARM 300 Willis Rd., Saline.
(313) 363-4072
BLUEBERRIES U-PICK 70¢ per lb
ZABINSKY BLUEBERRY FARM 10930 BEACH RD. DEXTER
(313) 426-2900
